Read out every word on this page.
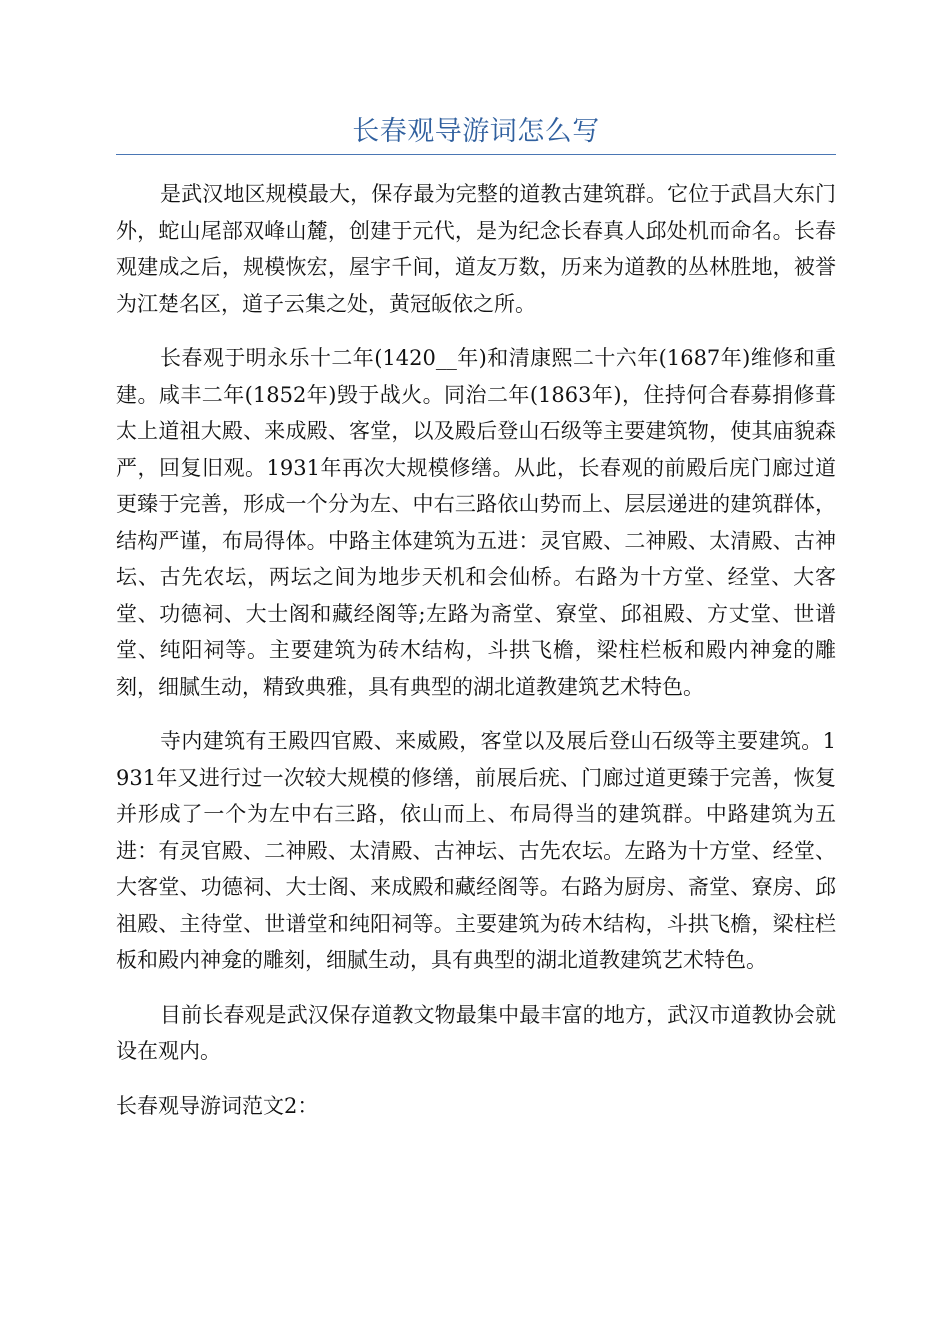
长春观导游词怎么写

是武汉地区规模最大，保存最为完整的道教古建筑群。它位于武昌大东门外，蛇山尾部双峰山麓，创建于元代，是为纪念长春真人邱处机而命名。长春观建成之后，规模恢宏，屋宇千间，道友万数，历来为道教的丛林胜地，被誉为江楚名区，道子云集之处，黄冠皈依之所。

长春观于明永乐十二年(1420__年)和清康熙二十六年(1687年)维修和重建。咸丰二年(1852年)毁于战火。同治二年(1863年)，住持何合春募捐修葺太上道祖大殿、来成殿、客堂，以及殿后登山石级等主要建筑物，使其庙貌森严，回复旧观。1931年再次大规模修缮。从此，长春观的前殿后庑门廊过道更臻于完善，形成一个分为左、中右三路依山势而上、层层递进的建筑群体，结构严谨，布局得体。中路主体建筑为五进：灵官殿、二神殿、太清殿、古神坛、古先农坛，两坛之间为地步天机和会仙桥。右路为十方堂、经堂、大客堂、功德祠、大士阁和藏经阁等;左路为斋堂、寮堂、邱祖殿、方丈堂、世谱堂、纯阳祠等。主要建筑为砖木结构，斗拱飞檐，梁柱栏板和殿内神龛的雕刻，细腻生动，精致典雅，具有典型的湖北道教建筑艺术特色。

寺内建筑有王殿四官殿、来威殿，客堂以及展后登山石级等主要建筑。1931年又进行过一次较大规模的修缮，前展后疣、门廊过道更臻于完善，恢复并形成了一个为左中右三路，依山而上、布局得当的建筑群。中路建筑为五进：有灵官殿、二神殿、太清殿、古神坛、古先农坛。左路为十方堂、经堂、大客堂、功德祠、大士阁、来成殿和藏经阁等。右路为厨房、斋堂、寮房、邱祖殿、主待堂、世谱堂和纯阳祠等。主要建筑为砖木结构，斗拱飞檐，梁柱栏板和殿内神龛的雕刻，细腻生动，具有典型的湖北道教建筑艺术特色。

目前长春观是武汉保存道教文物最集中最丰富的地方，武汉市道教协会就设在观内。

长春观导游词范文2：
